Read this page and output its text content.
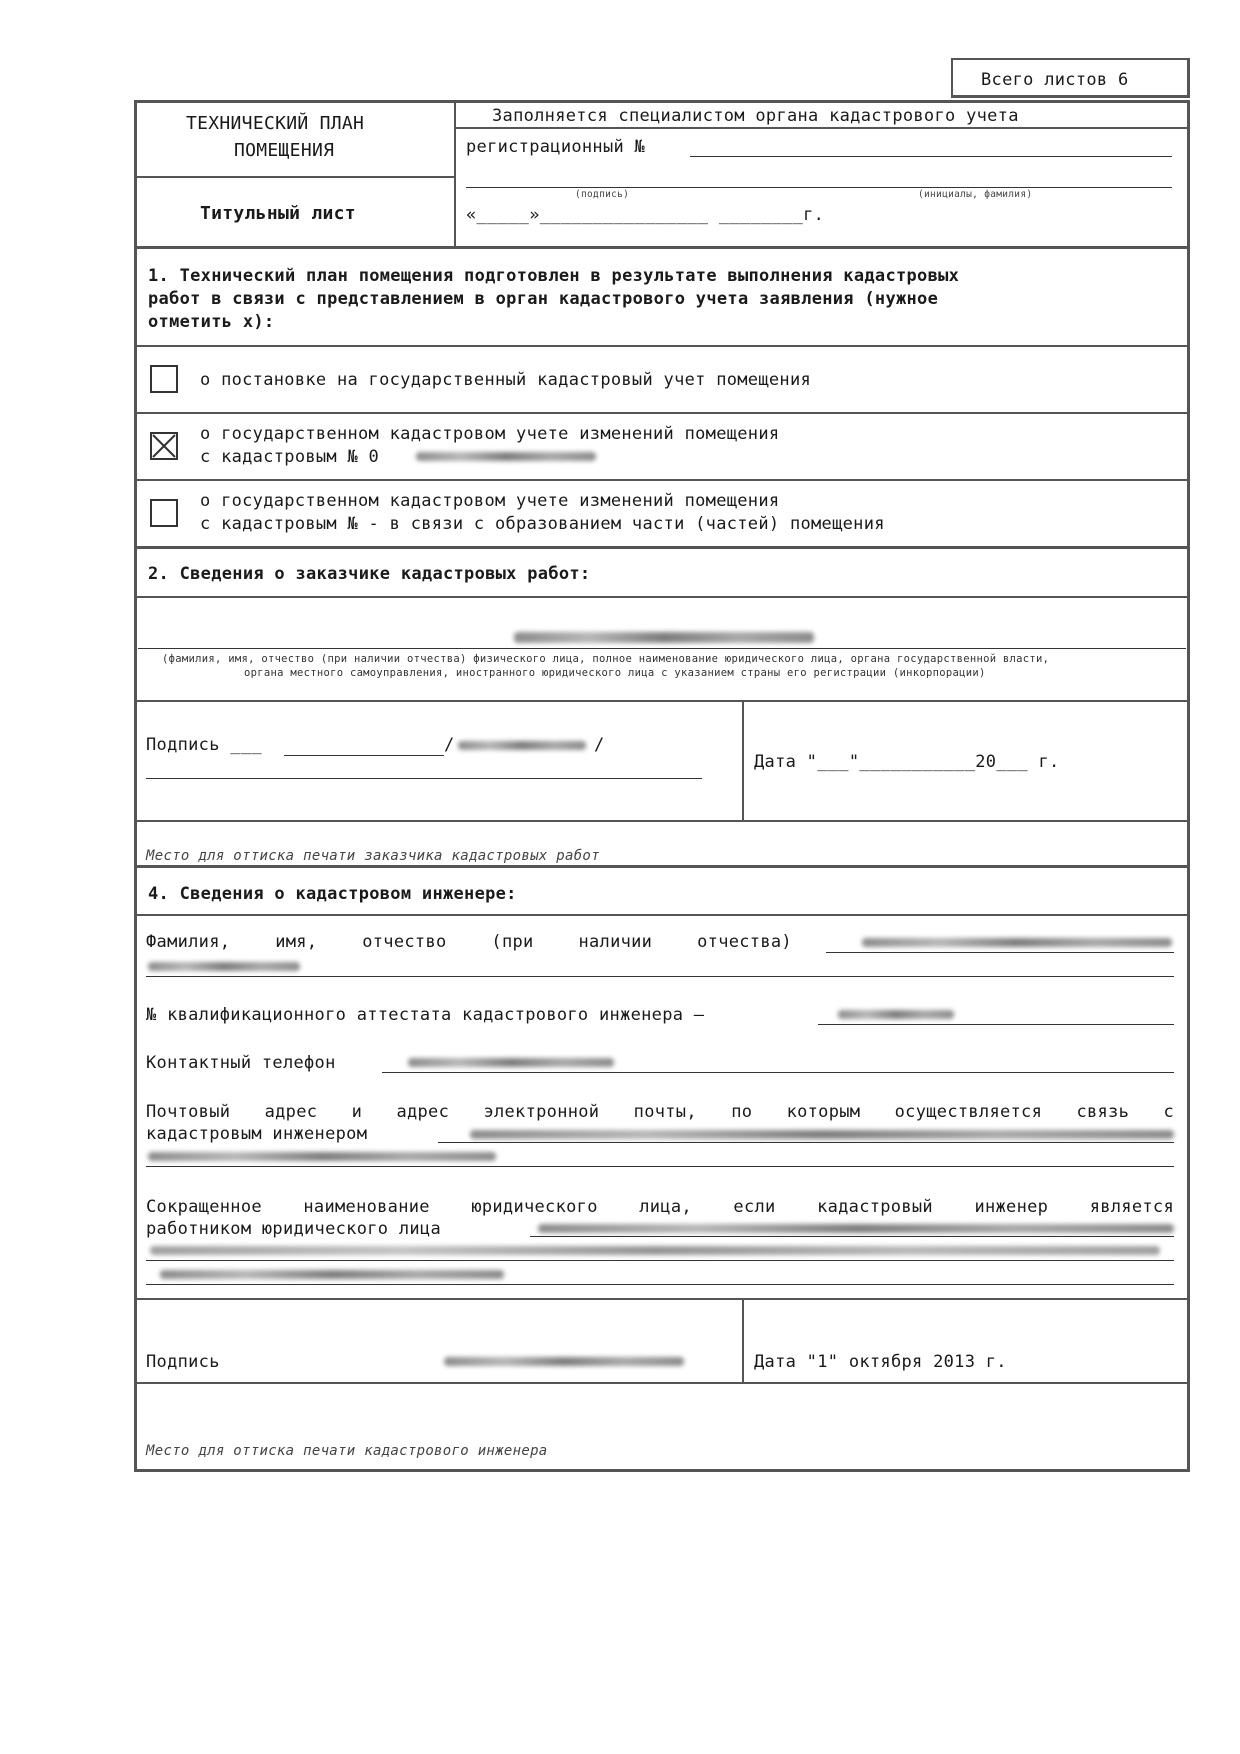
Всего листов 6
ТЕХНИЧЕСКИЙ ПЛАН
ПОМЕЩЕНИЯ
Титульный лист
Заполняется специалистом органа кадастрового учета
регистрационный №
(подпись)	(инициалы, фамилия)
«_____»________________ ________г.
1. Технический план помещения подготовлен в результате выполнения кадастровых
работ в связи с представлением в орган кадастрового учета заявления (нужное
отметить х):
о постановке на государственный кадастровый учет помещения
о государственном кадастровом учете изменений помещения
с кадастровым № 0
о государственном кадастровом учете изменений помещения
с кадастровым № - в связи с образованием части (частей) помещения
2. Сведения о заказчике кадастровых работ:
(фамилия, имя, отчество (при наличии отчества) физического лица, полное наименование юридического лица, органа государственной власти,
органа местного самоуправления, иностранного юридического лица с указанием страны его регистрации (инкорпорации)
Подпись ___	/	/
Дата "___"___________20___ г.
Место для оттиска печати заказчика кадастровых работ
4. Сведения о кадастровом инженере:
Фамилия,	имя,	отчество	(при	наличии	отчества)
№ квалификационного аттестата кадастрового инженера –
Контактный телефон
Почтовый адрес и адрес электронной почты, по которым осуществляется связь с
кадастровым инженером
Сокращенное наименование юридического лица, если кадастровый инженер является
работником юридического лица
Подпись	Дата "1" октября 2013 г.
Место для оттиска печати кадастрового инженера
